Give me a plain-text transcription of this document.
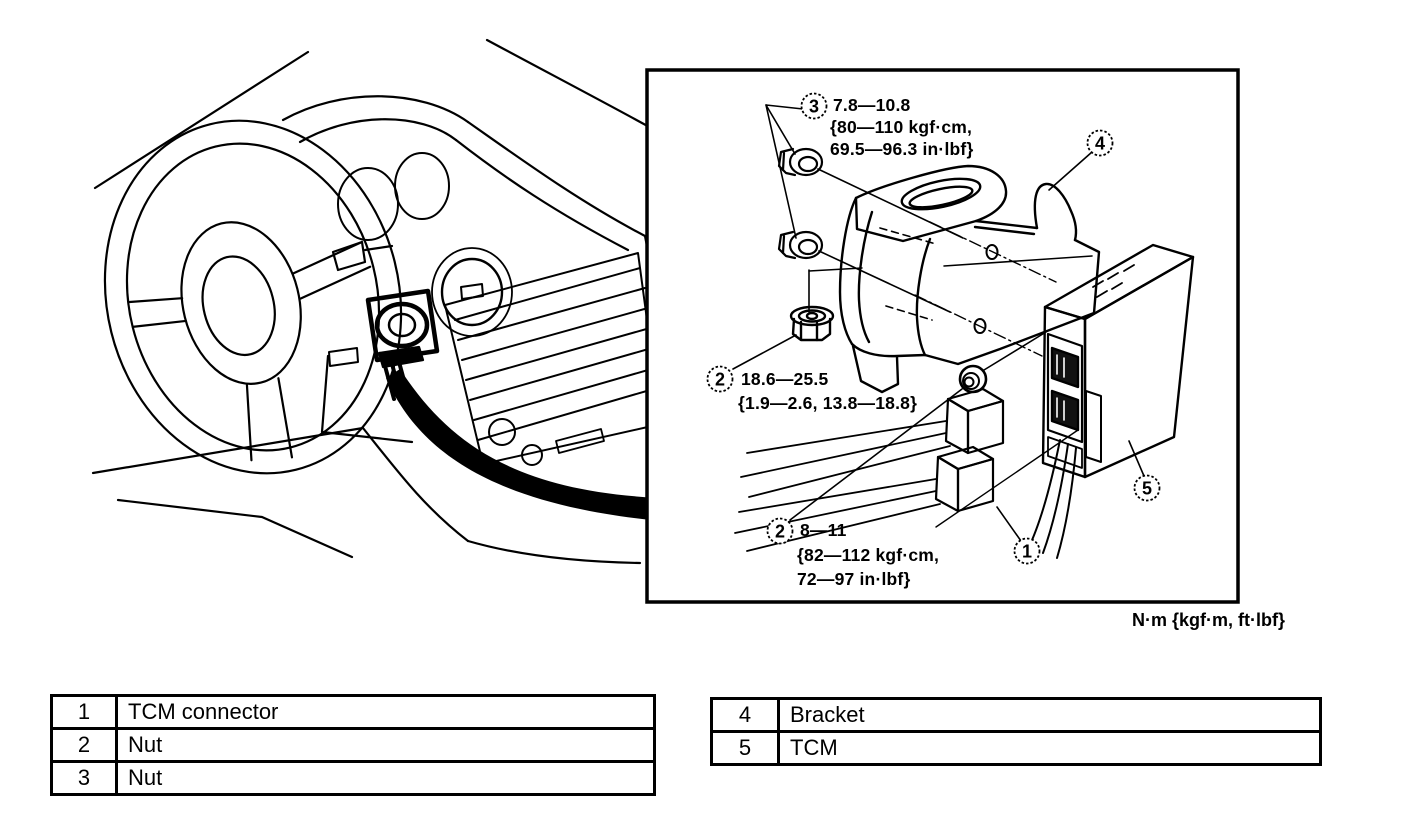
3
4
2
2
1
5
7.8—10.8
{80—110 kgf·cm,
69.5—96.3 in·lbf}
18.6—25.5
{1.9—2.6, 13.8—18.8}
8—11
{82—112 kgf·cm,
72—97 in·lbf}
N·m {kgf·m, ft·lbf}
1	TCM connector
2	Nut
3	Nut
4	Bracket
5	TCM
